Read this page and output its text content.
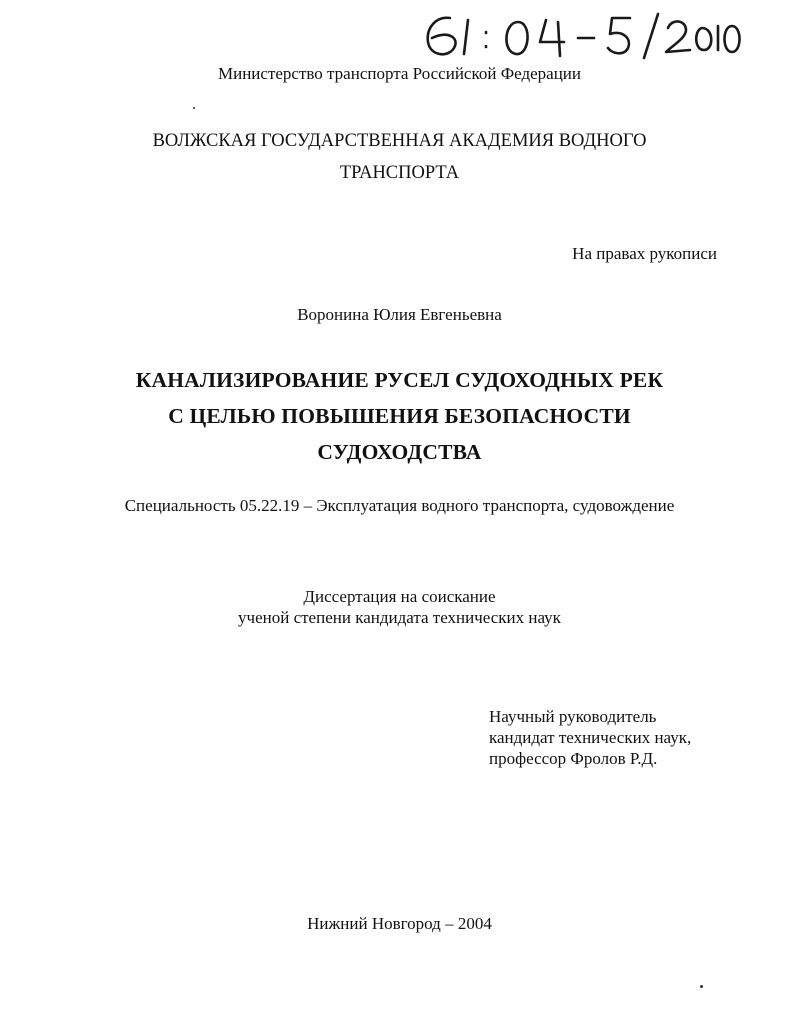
Министерство транспорта Российской Федерации
ВОЛЖСКАЯ ГОСУДАРСТВЕННАЯ АКАДЕМИЯ ВОДНОГО
ТРАНСПОРТА
На правах рукописи
Воронина Юлия Евгеньевна
КАНАЛИЗИРОВАНИЕ РУСЕЛ СУДОХОДНЫХ РЕК
С ЦЕЛЬЮ ПОВЫШЕНИЯ БЕЗОПАСНОСТИ
СУДОХОДСТВА
Специальность 05.22.19 – Эксплуатация водного транспорта, судовождение
Диссертация на соискание
ученой степени кандидата технических наук
Научный руководитель
кандидат технических наук,
профессор Фролов Р.Д.
Нижний Новгород – 2004
